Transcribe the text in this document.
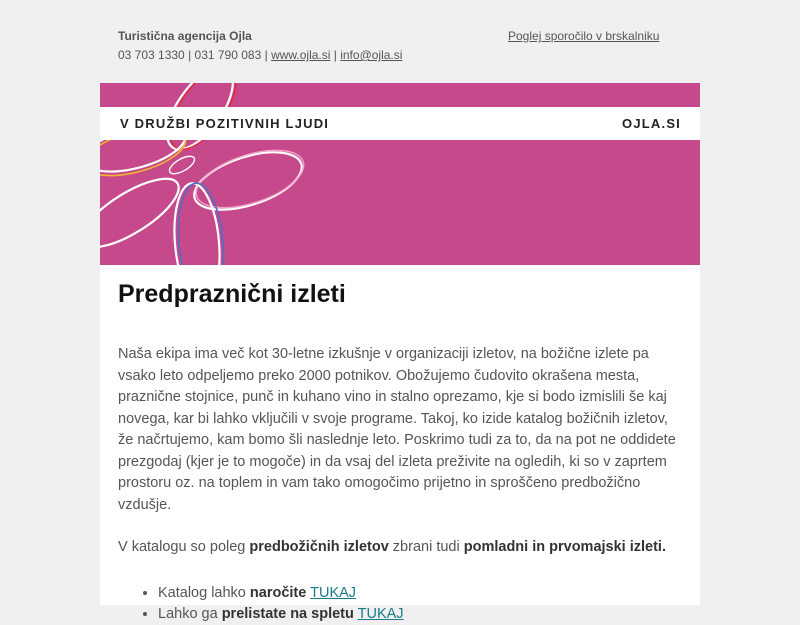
Turistična agencija Ojla
03 703 1330 | 031 790 083 | www.ojla.si | info@ojla.si
Poglej sporočilo v brskalniku
V DRUŽBI POZITIVNIH LJUDI	OJLA.SI
Predpraznični izleti

Naša ekipa ima več kot 30-letne izkušnje v organizaciji izletov, na božične izlete pa vsako leto odpeljemo preko 2000 potnikov. Obožujemo čudovito okrašena mesta, praznične stojnice, punč in kuhano vino in stalno oprezamo, kje si bodo izmislili še kaj novega, kar bi lahko vključili v svoje programe. Takoj, ko izide katalog božičnih izletov, že načrtujemo, kam bomo šli naslednje leto. Poskrimo tudi za to, da na pot ne oddidete prezgodaj (kjer je to mogoče) in da vsaj del izleta preživite na ogledih, ki so v zaprtem prostoru oz. na toplem in vam tako omogočimo prijetno in sproščeno predbožično vzdušje.

V katalogu so poleg predbožičnih izletov zbrani tudi pomladni in prvomajski izleti.

• Katalog lahko naročite TUKAJ
• Lahko ga prelistate na spletu TUKAJ
